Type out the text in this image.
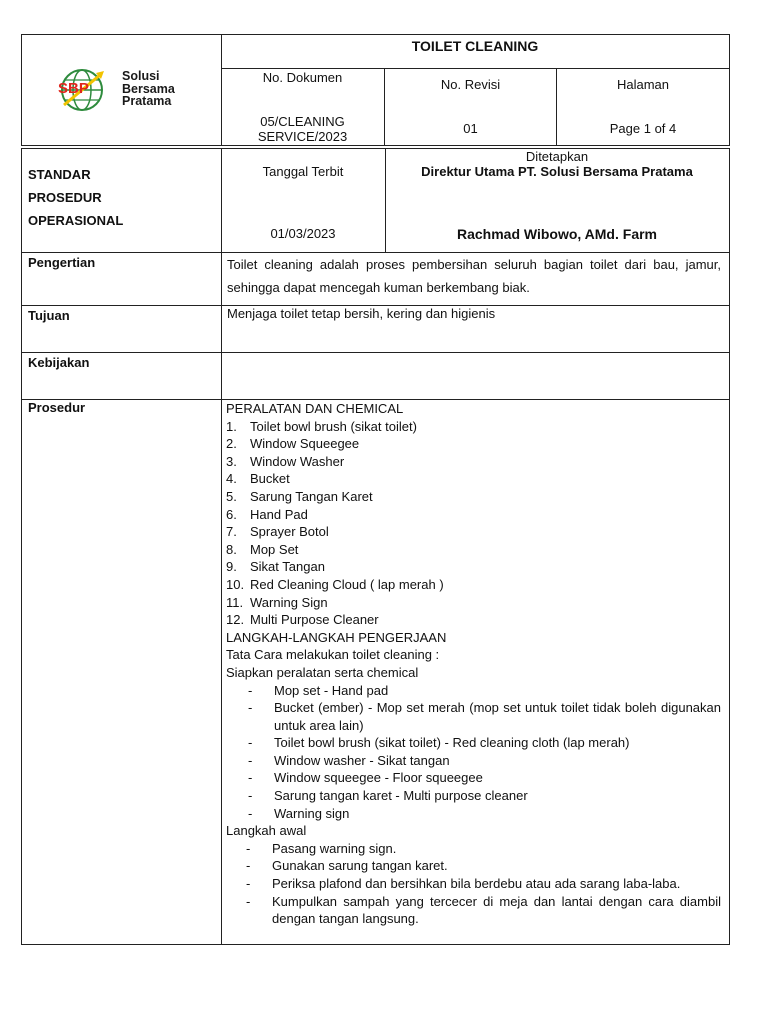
SBP
Solusi
Bersama
Pratama
TOILET CLEANING
No. Dokumen
05/CLEANING
SERVICE/2023
No. Revisi
01
Halaman
Page 1 of 4
STANDAR
PROSEDUR
OPERASIONAL
Tanggal Terbit
01/03/2023
Ditetapkan
Direktur Utama PT. Solusi Bersama Pratama
Rachmad Wibowo, AMd. Farm
Pengertian	Toilet cleaning adalah proses pembersihan seluruh bagian toilet dari bau, jamur, sehingga dapat mencegah kuman berkembang biak.
Tujuan	Menjaga toilet tetap bersih, kering dan higienis
Kebijakan
Prosedur	PERALATAN DAN CHEMICAL
1. Toilet bowl brush (sikat toilet)
2. Window Squeegee
3. Window Washer
4. Bucket
5. Sarung Tangan Karet
6. Hand Pad
7. Sprayer Botol
8. Mop Set
9. Sikat Tangan
10. Red Cleaning Cloud ( lap merah )
11. Warning Sign
12. Multi Purpose Cleaner
LANGKAH-LANGKAH PENGERJAAN
Tata Cara melakukan toilet cleaning :
Siapkan peralatan serta chemical
- Mop set - Hand pad
- Bucket (ember) - Mop set merah (mop set untuk toilet tidak boleh digunakan untuk area lain)
- Toilet bowl brush (sikat toilet) - Red cleaning cloth (lap merah)
- Window washer - Sikat tangan
- Window squeegee - Floor squeegee
- Sarung tangan karet - Multi purpose cleaner
- Warning sign
Langkah awal
- Pasang warning sign.
- Gunakan sarung tangan karet.
- Periksa plafond dan bersihkan bila berdebu atau ada sarang laba-laba.
- Kumpulkan sampah yang tercecer di meja dan lantai dengan cara diambil dengan tangan langsung.
